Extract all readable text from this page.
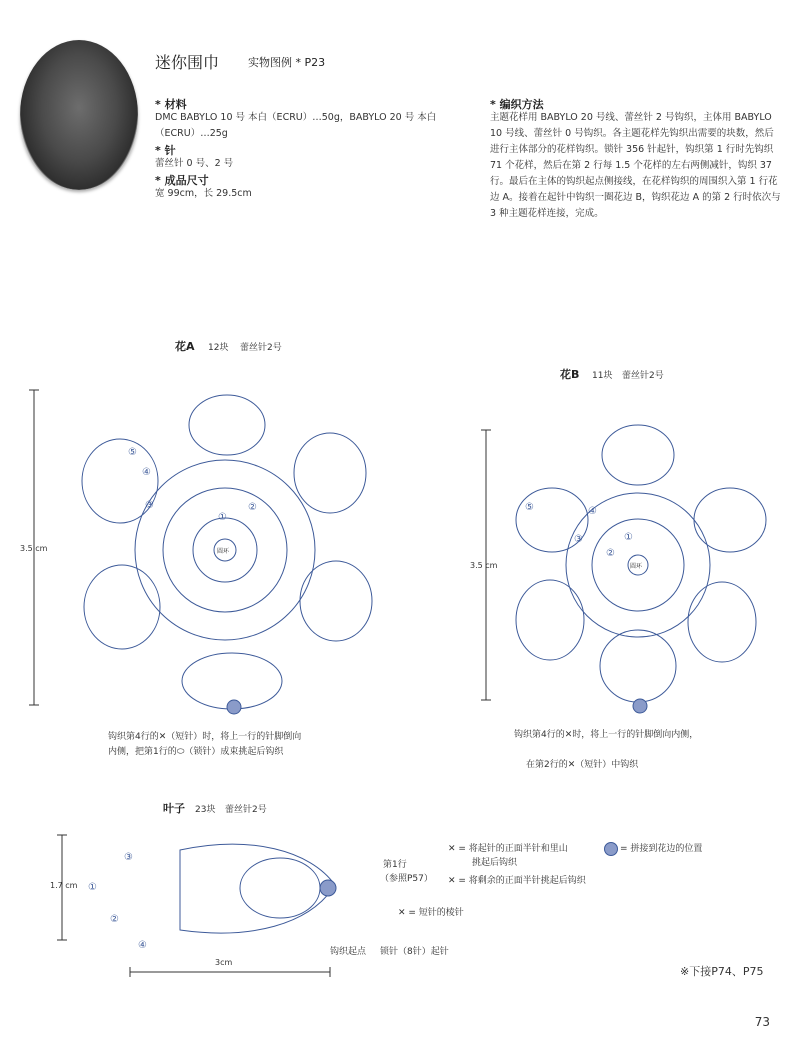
迷你围巾	实物图例 * P23
* 材料
DMC BABYLO 10 号 本白（ECRU）…50g，BABYLO 20 号 本白（ECRU）…25g
* 针
蕾丝针 0 号、2 号
* 成品尺寸
宽 99cm，长 29.5cm
* 编织方法
主题花样用 BABYLO 20 号线、蕾丝针 2 号钩织，主体用 BABYLO 10 号线、蕾丝针 0 号钩织。各主题花样先钩织出需要的块数，然后进行主体部分的花样钩织。锁针 356 针起针，钩织第 1 行时先钩织 71 个花样，然后在第 2 行每 1.5 个花样的左右两侧减针，钩织 37 行。最后在主体的钩织起点侧接线，在花样钩织的周围织入第 1 行花边 A。接着在起针中钩织一圈花边 B，钩织花边 A 的第 2 行时依次与 3 种主题花样连接，完成。
花A 12块 蕾丝针2号
花B 11块 蕾丝针2号
圆环
3.5 cm
⑤
④
③
①
②
钩织第4行的✕（短针）时，将上一行的针脚倒向
内侧，把第1行的⬭（锁针）成束挑起后钩织
圆环
3.5 cm
⑤	④
③
②
①
钩织第4行的✕时，将上一行的针脚倒向内侧，
在第2行的✕（短针）中钩织
叶子 23块 蕾丝针2号
1.7 cm
③
①
②
④
3cm
钩织起点 锁针（8针）起针
第1行
（参照P57）
✕ = 将起针的正面半针和里山
挑起后钩织
✕ = 将剩余的正面半针挑起后钩织
✕ = 短针的棱针
= 拼接到花边的位置
※下接P74、P75
73
